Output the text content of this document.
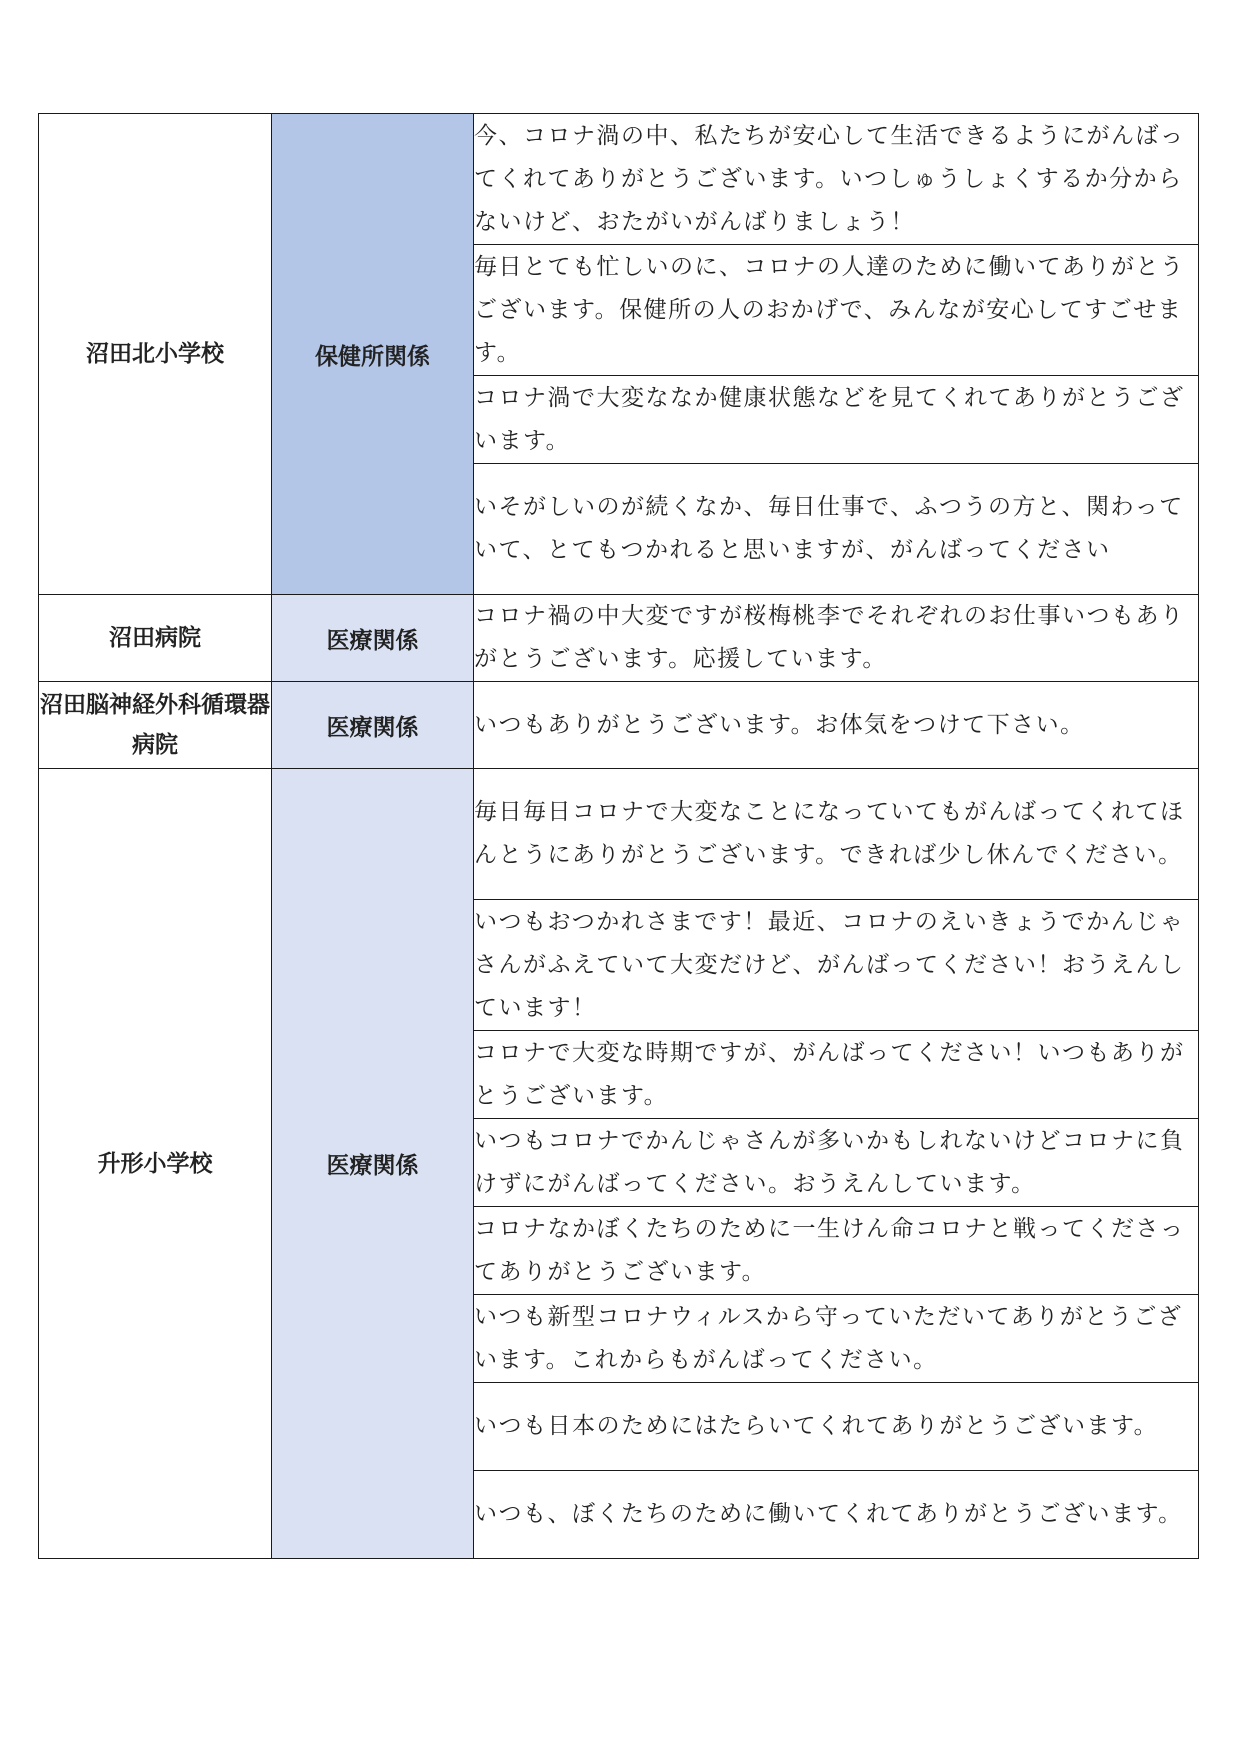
沼田北小学校	保健所関係	今、コロナ渦の中、私たちが安心して生活できるようにがんばってくれてありがとうございます。いつしゅうしょくするか分からないけど、おたがいがんばりましょう！
		毎日とても忙しいのに、コロナの人達のために働いてありがとうございます。保健所の人のおかげで、みんなが安心してすごせます。
		コロナ渦で大変ななか健康状態などを見てくれてありがとうございます。
		いそがしいのが続くなか、毎日仕事で、ふつうの方と、関わっていて、とてもつかれると思いますが、がんばってください
沼田病院	医療関係	コロナ禍の中大変ですが桜梅桃李でそれぞれのお仕事いつもありがとうございます。応援しています。
沼田脳神経外科循環器病院	医療関係	いつもありがとうございます。お体気をつけて下さい。
升形小学校	医療関係	毎日毎日コロナで大変なことになっていてもがんばってくれてほんとうにありがとうございます。できれば少し休んでください。
		いつもおつかれさまです！最近、コロナのえいきょうでかんじゃさんがふえていて大変だけど、がんばってください！おうえんしています！
		コロナで大変な時期ですが、がんばってください！いつもありがとうございます。
		いつもコロナでかんじゃさんが多いかもしれないけどコロナに負けずにがんばってください。おうえんしています。
		コロナなかぼくたちのために一生けん命コロナと戦ってくださってありがとうございます。
		いつも新型コロナウィルスから守っていただいてありがとうございます。これからもがんばってください。
		いつも日本のためにはたらいてくれてありがとうございます。
		いつも、ぼくたちのために働いてくれてありがとうございます。
